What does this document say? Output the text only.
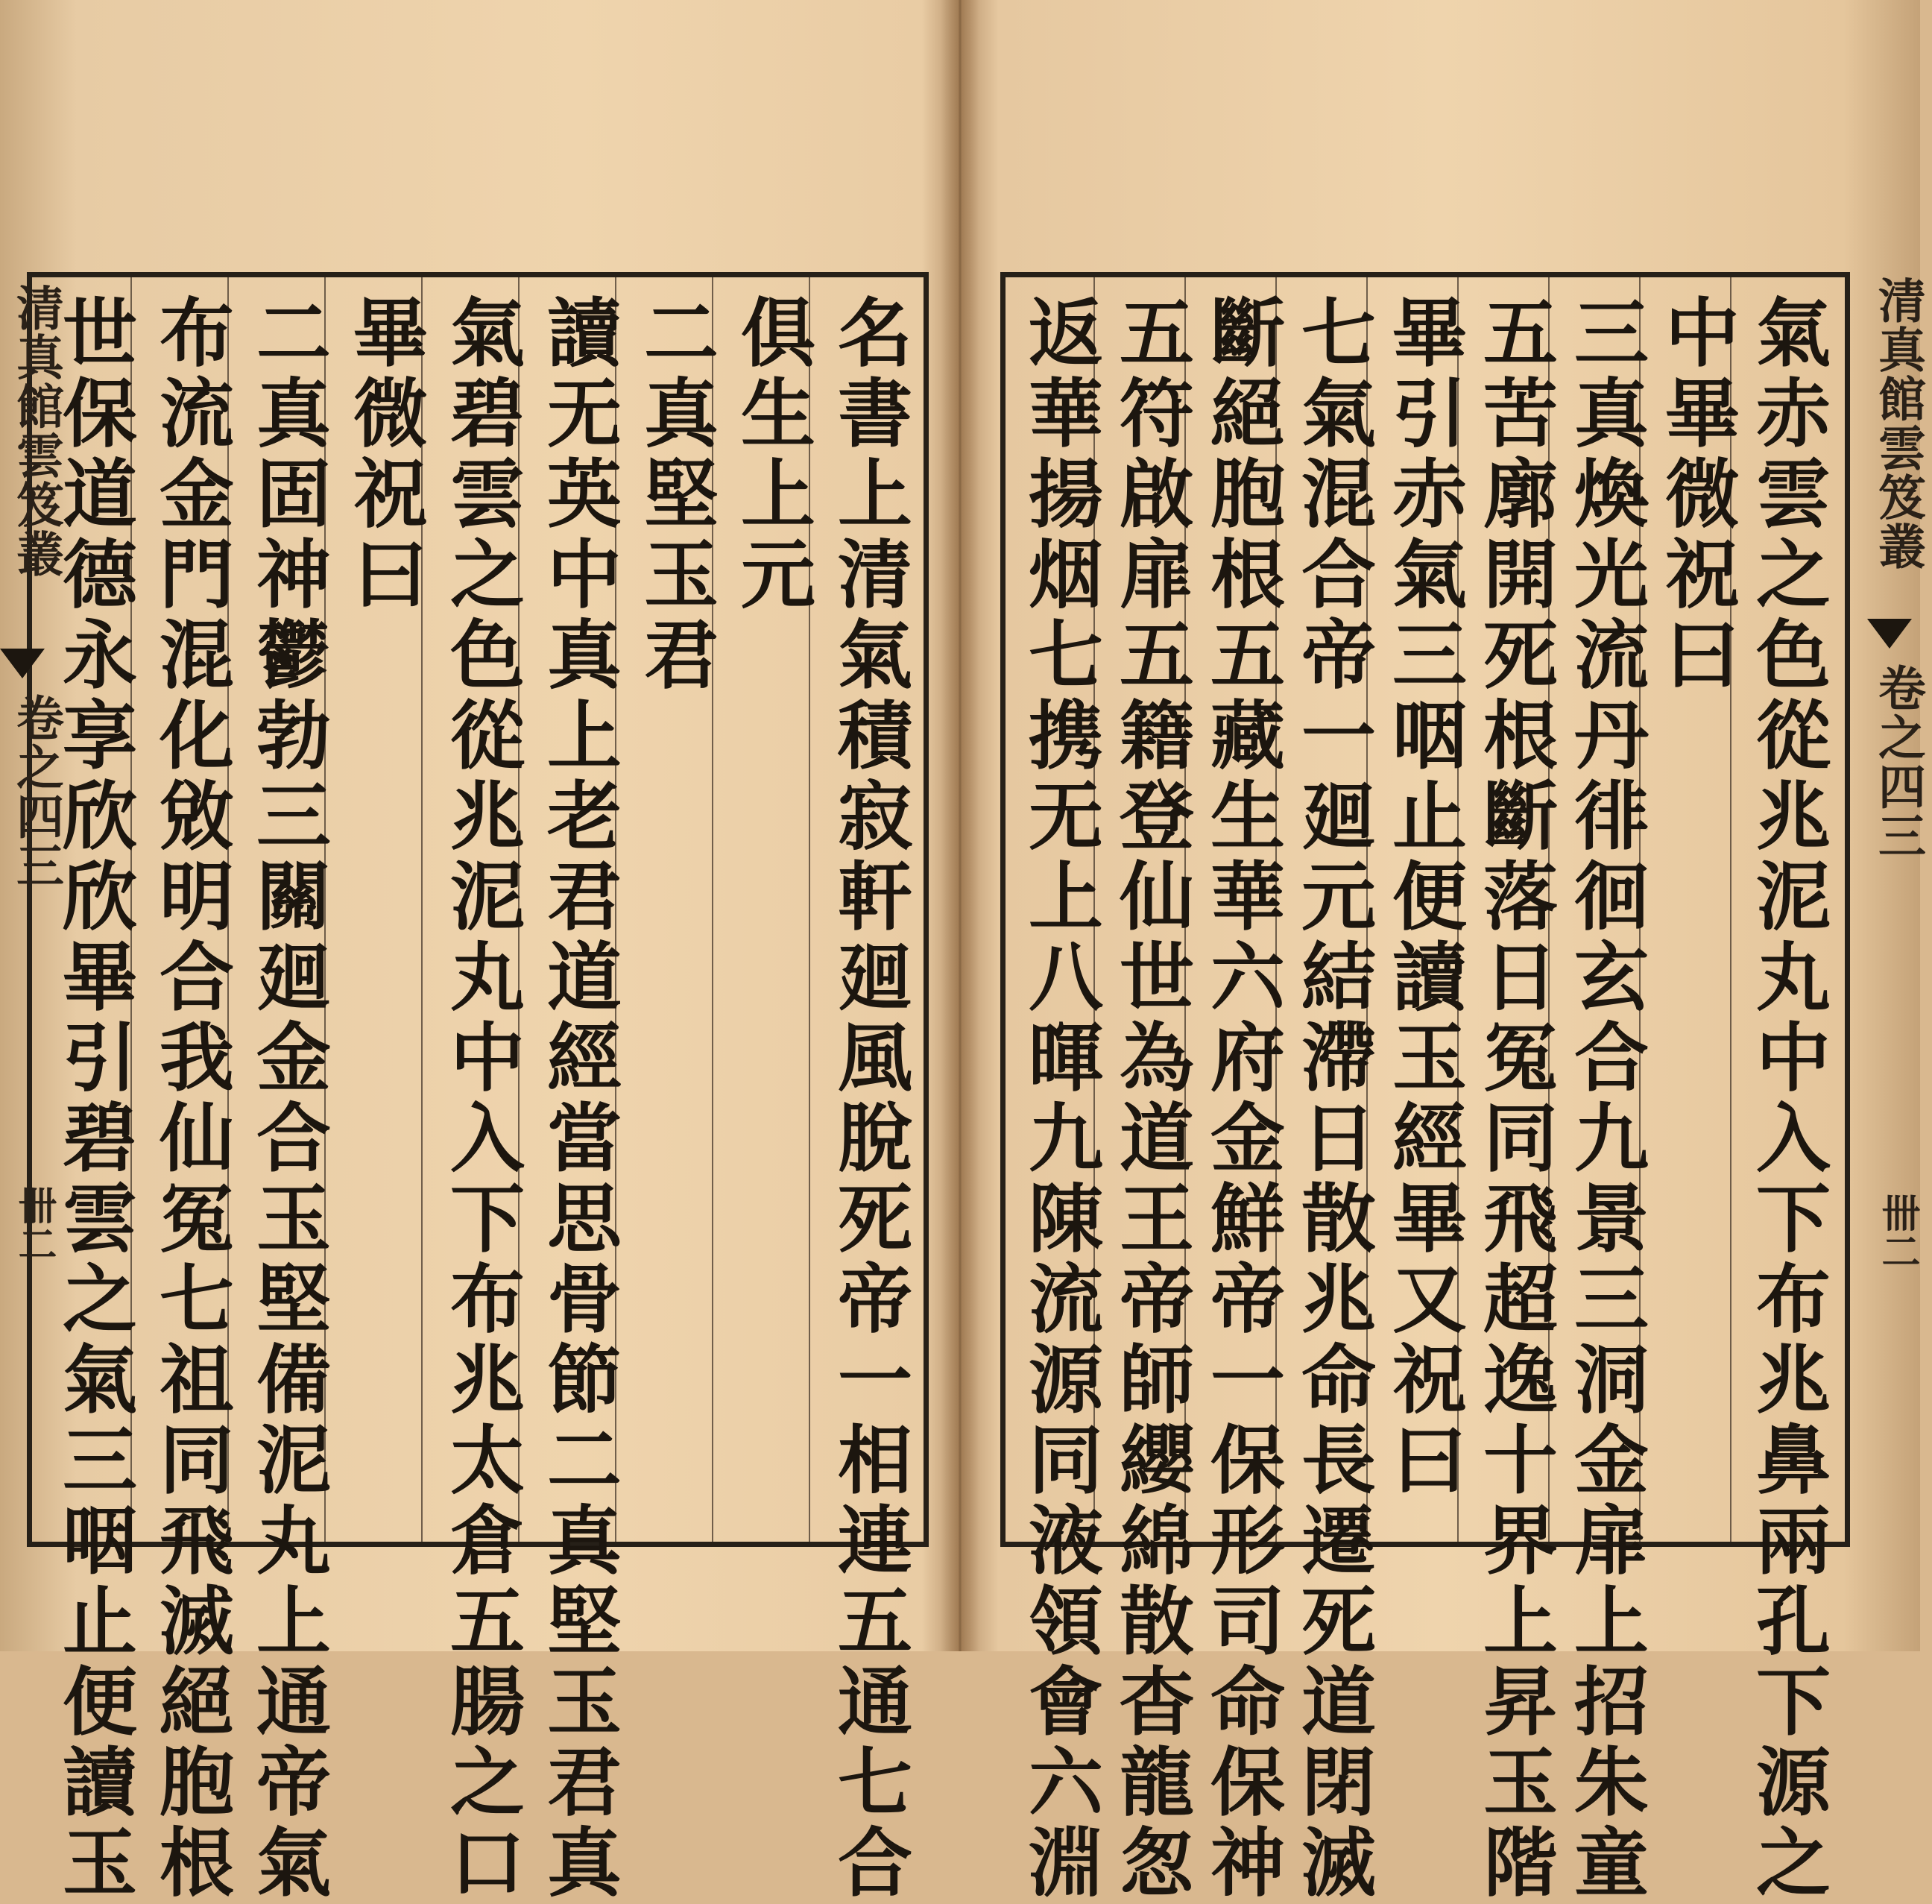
名書上清氣積寂軒廻風脫死帝一相連五通七合
俱生上元
二真堅玉君
讀无英中真上老君道經當思骨節二真堅玉君真
氣碧雲之色從兆泥丸中入下布兆太倉五腸之口
畢微祝曰
二真固神鬱勃三關廻金合玉堅備泥丸上通帝氣
布流金門混化敓明合我仙冤七祖同飛滅絕胞根
世保道德永享欣欣畢引碧雲之氣三咽止便讀玉
清真館雲笈叢
卷之四三
卌二	氣赤雲之色從兆泥丸中入下布兆鼻兩孔下源之
中畢微祝曰
三真煥光流丹徘徊玄合九景三洞金扉上招朱童
五苦廓開死根斷落日冤同飛超逸十界上昇玉階
畢引赤氣三咽止便讀玉經畢又祝曰
七氣混合帝一廻元結滯日散兆命長遷死道閉滅
斷絕胞根五藏生華六府金鮮帝一保形司命保神
五符啟扉五籍登仙世為道王帝師纓綿散杳龍怱
返華揚烟七携无上八暉九陳流源同液領會六淵	清真館雲笈叢
卷之四三
卌二
